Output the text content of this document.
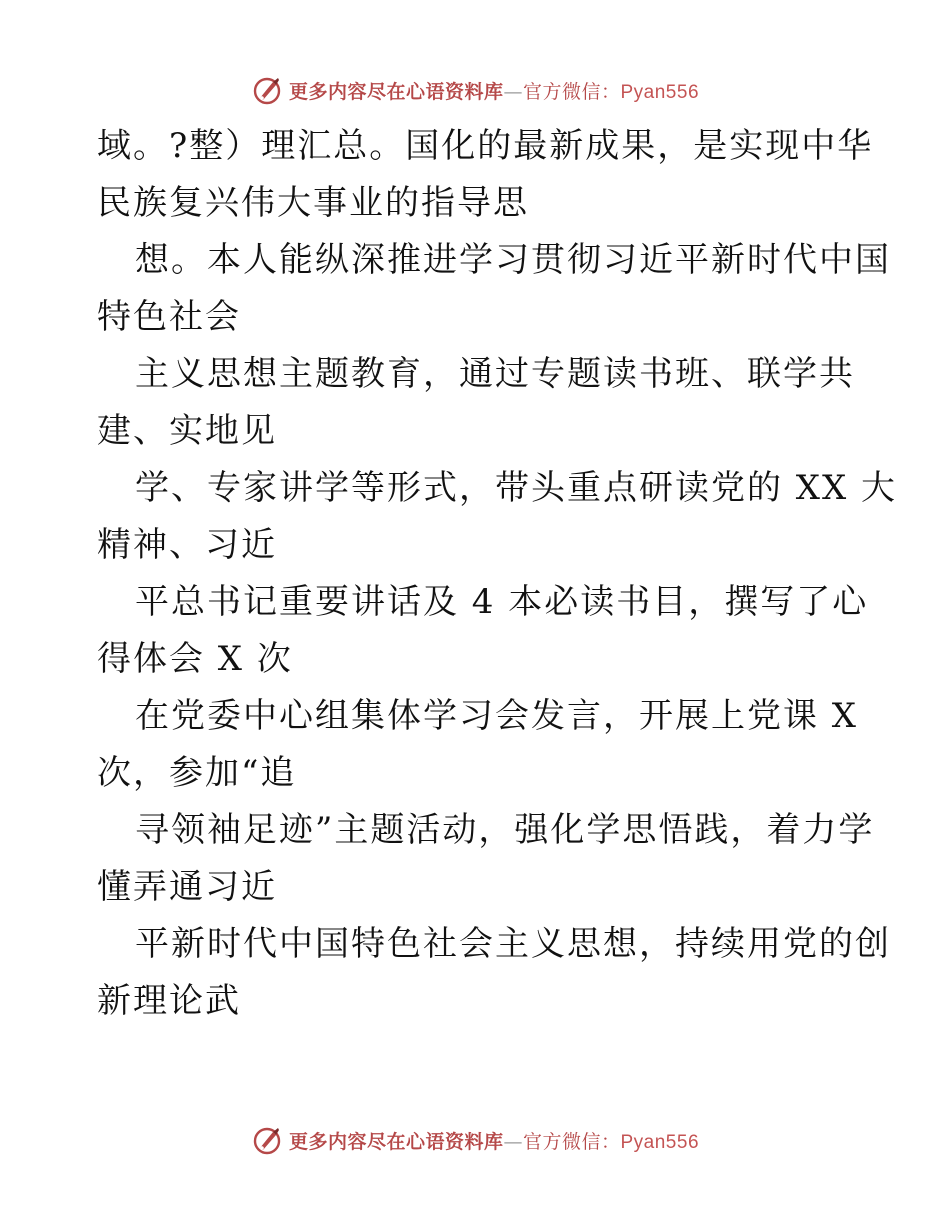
更多内容尽在心语资料库—官方微信：Pyan556
域。?整）理汇总。国化的最新成果，是实现中华
民族复兴伟大事业的指导思
想。本人能纵深推进学习贯彻习近平新时代中国
特色社会
主义思想主题教育，通过专题读书班、联学共
建、实地见
学、专家讲学等形式，带头重点研读党的 XX 大
精神、习近
平总书记重要讲话及 4 本必读书目，撰写了心
得体会 X 次
在党委中心组集体学习会发言，开展上党课 X
次，参加“追
寻领袖足迹”主题活动，强化学思悟践，着力学
懂弄通习近
平新时代中国特色社会主义思想，持续用党的创
新理论武
更多内容尽在心语资料库—官方微信：Pyan556
